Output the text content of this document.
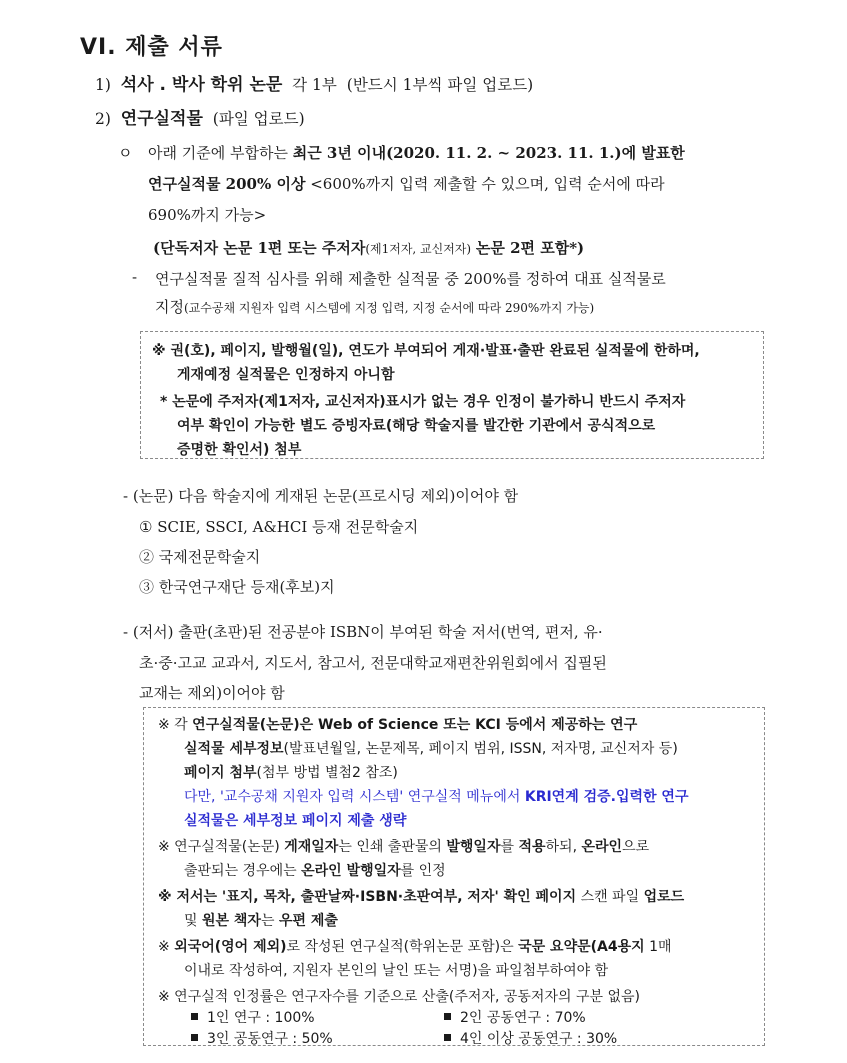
VI. 제출 서류
1) 석사 . 박사 학위 논문 각 1부 (반드시 1부씩 파일 업로드)
2) 연구실적물 (파일 업로드)
ㅇ 아래 기준에 부합하는 최근 3년 이내(2020. 11. 2. ~ 2023. 11. 1.)에 발표한
연구실적물 200% 이상 <600%까지 입력 제출할 수 있으며, 입력 순서에 따라
690%까지 가능>
(단독저자 논문 1편 또는 주저자(제1저자, 교신저자) 논문 2편 포함*)
- 연구실적물 질적 심사를 위해 제출한 실적물 중 200%를 정하여 대표 실적물로
지정(교수공채 지원자 입력 시스템에 지정 입력, 지정 순서에 따라 290%까지 가능)
※ 권(호), 페이지, 발행월(일), 연도가 부여되어 게재·발표·출판 완료된 실적물에 한하며,
게재예정 실적물은 인정하지 아니함
* 논문에 주저자(제1저자, 교신저자)표시가 없는 경우 인정이 불가하니 반드시 주저자
여부 확인이 가능한 별도 증빙자료(해당 학술지를 발간한 기관에서 공식적으로
증명한 확인서) 첨부
- (논문) 다음 학술지에 게재된 논문(프로시딩 제외)이어야 함
① SCIE, SSCI, A&HCI 등재 전문학술지
② 국제전문학술지
③ 한국연구재단 등재(후보)지
- (저서) 출판(초판)된 전공분야 ISBN이 부여된 학술 저서(번역, 편저, 유·
초·중·고교 교과서, 지도서, 참고서, 전문대학교재편찬위원회에서 집필된
교재는 제외)이어야 함
※ 각 연구실적물(논문)은 Web of Science 또는 KCI 등에서 제공하는 연구
실적물 세부정보(발표년월일, 논문제목, 페이지 범위, ISSN, 저자명, 교신저자 등)
페이지 첨부(첨부 방법 별첨2 참조)
다만, '교수공채 지원자 입력 시스템' 연구실적 메뉴에서 KRI연계 검증.입력한 연구
실적물은 세부정보 페이지 제출 생략
※ 연구실적물(논문) 게재일자는 인쇄 출판물의 발행일자를 적용하되, 온라인으로
출판되는 경우에는 온라인 발행일자를 인정
※ 저서는 '표지, 목차, 출판날짜·ISBN·초판여부, 저자' 확인 페이지 스캔 파일 업로드
및 원본 책자는 우편 제출
※ 외국어(영어 제외)로 작성된 연구실적(학위논문 포함)은 국문 요약문(A4용지 1매
이내로 작성하여, 지원자 본인의 날인 또는 서명)을 파일첨부하여야 함
※ 연구실적 인정률은 연구자수를 기준으로 산출(주저자, 공동저자의 구분 없음)
1인 연구 : 100%	2인 공동연구 : 70%
3인 공동연구 : 50%	4인 이상 공동연구 : 30%
